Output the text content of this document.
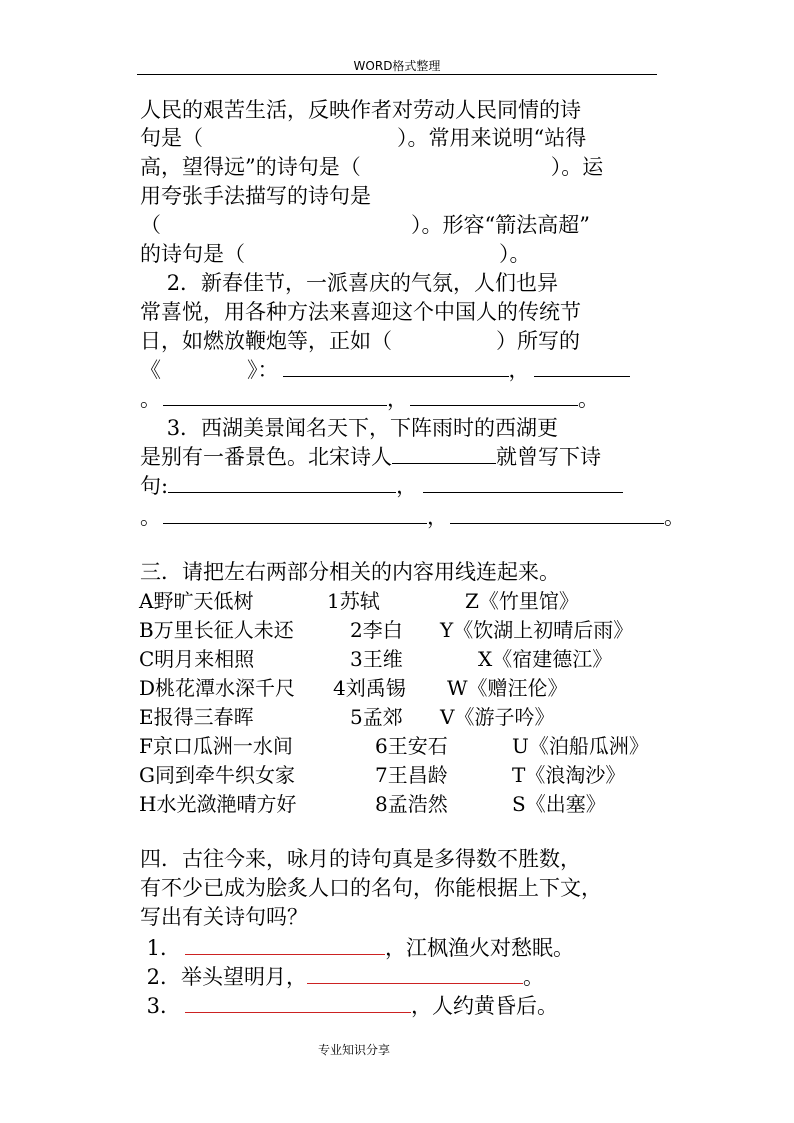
WORD格式整理
人民的艰苦生活，反映作者对劳动人民同情的诗
句是（	）。常用来说明“站得
高，望得远”的诗句是（	）。运
用夸张手法描写的诗句是
（	）。形容“箭法高超”
的诗句是（	）。
2．新春佳节，一派喜庆的气氛，人们也异
常喜悦，用各种方法来喜迎这个中国人的传统节
日，如燃放鞭炮等，正如（	）所写的
《	》：	，
。	，	。
3．西湖美景闻名天下，下阵雨时的西湖更
是别有一番景色。北宋诗人	就曾写下诗
句:	，
。	，	。
三．请把左右两部分相关的内容用线连起来。
A野旷天低树	1苏轼	Z《竹里馆》
B万里长征人未还	2李白 Y《饮湖上初晴后雨》
C明月来相照	3王维	X《宿建德江》
D桃花潭水深千尺 4刘禹锡 W《赠汪伦》
E报得三春晖	5孟郊 V《游子吟》
F京口瓜洲一水间	6王安石	U《泊船瓜洲》
G同到牵牛织女家	7王昌龄	T《浪淘沙》
H水光潋滟晴方好	8孟浩然	S《出塞》
四．古往今来，咏月的诗句真是多得数不胜数，
有不少已成为脍炙人口的名句，你能根据上下文，
写出有关诗句吗？
1．	，江枫渔火对愁眠。
2．举头望明月，	。
3．	，人约黄昏后。
专业知识分享
